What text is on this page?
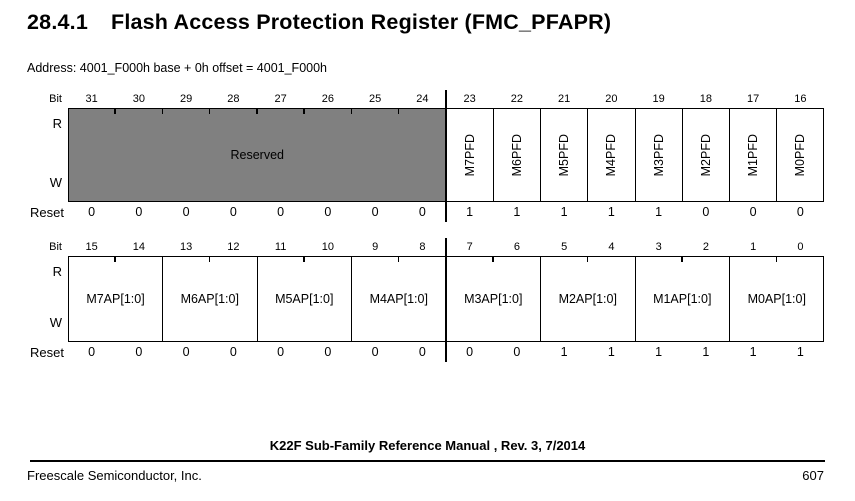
28.4.1 Flash Access Protection Register (FMC_PFAPR)
Address: 4001_F000h base + 0h offset = 4001_F000h
Bit	31	30	29	28	27	26	25	24	23	22	21	20	19	18	17	16
R
W
Reserved	M7PFD	M6PFD	M5PFD	M4PFD	M3PFD	M2PFD	M1PFD	M0PFD
Reset	0	0	0	0	0	0	0	0	1	1	1	1	1	0	0	0
Bit	15	14	13	12	11	10	9	8	7	6	5	4	3	2	1	0
R
W
M7AP[1:0]	M6AP[1:0]	M5AP[1:0]	M4AP[1:0]	M3AP[1:0]	M2AP[1:0]	M1AP[1:0]	M0AP[1:0]
Reset	0	0	0	0	0	0	0	0	0	0	1	1	1	1	1	1
K22F Sub-Family Reference Manual , Rev. 3, 7/2014
Freescale Semiconductor, Inc.	607
